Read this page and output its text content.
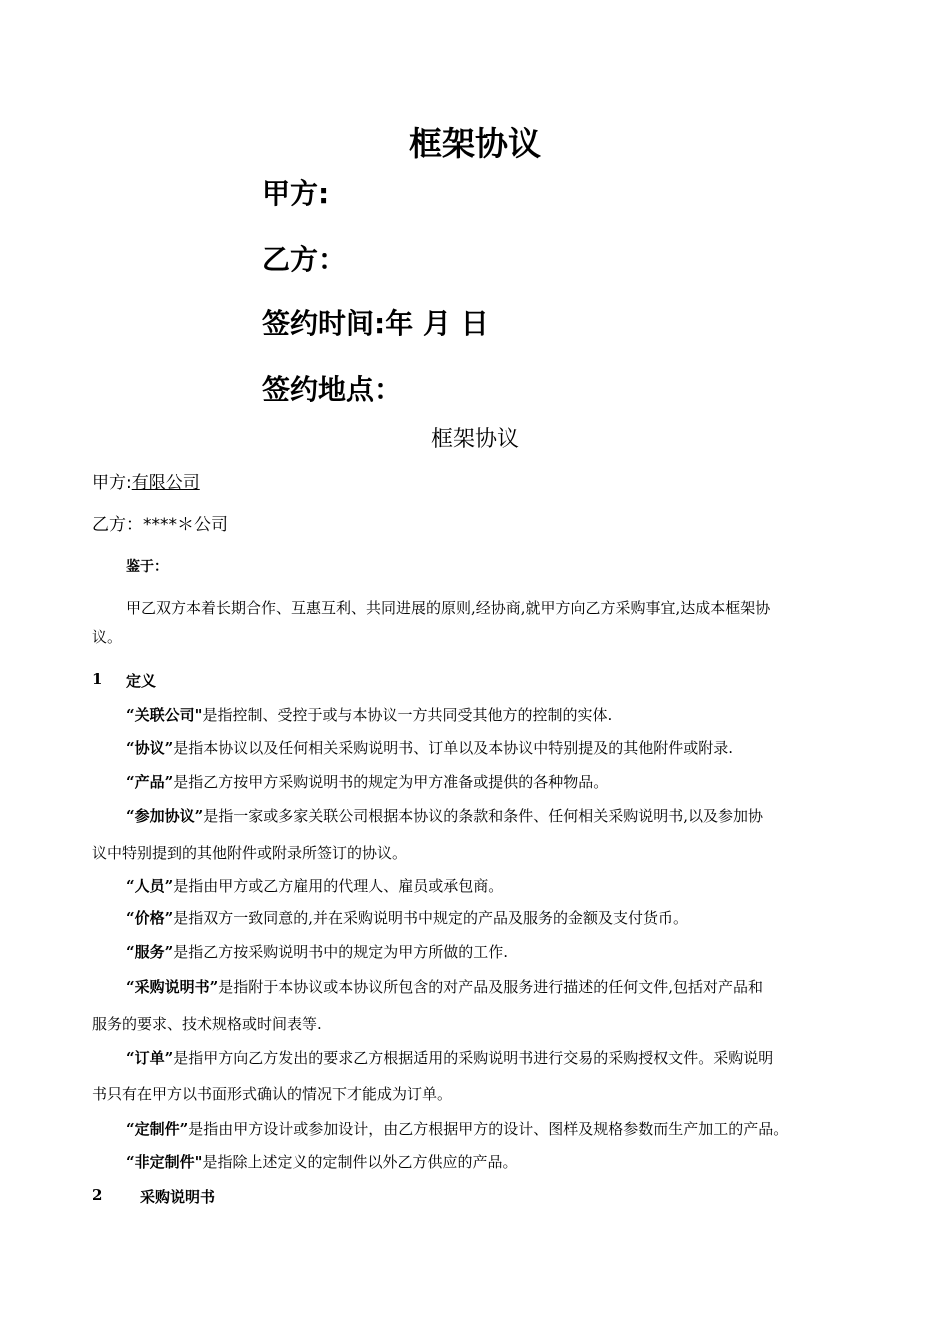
框架协议
甲方:
乙方：
签约时间:年 月 日
签约地点：
框架协议
甲方:有限公司
乙方：****＊公司
鉴于：
甲乙双方本着长期合作、互惠互利、共同进展的原则,经协商,就甲方向乙方采购事宜,达成本框架协
议。
1 定义
“关联公司"是指控制、受控于或与本协议一方共同受其他方的控制的实体.
“协议”是指本协议以及任何相关采购说明书、订单以及本协议中特别提及的其他附件或附录.
“产品”是指乙方按甲方采购说明书的规定为甲方准备或提供的各种物品。
“参加协议”是指一家或多家关联公司根据本协议的条款和条件、任何相关采购说明书,以及参加协
议中特别提到的其他附件或附录所签订的协议。
“人员”是指由甲方或乙方雇用的代理人、雇员或承包商。
“价格”是指双方一致同意的,并在采购说明书中规定的产品及服务的金额及支付货币。
“服务”是指乙方按采购说明书中的规定为甲方所做的工作.
“采购说明书”是指附于本协议或本协议所包含的对产品及服务进行描述的任何文件,包括对产品和
服务的要求、技术规格或时间表等.
“订单”是指甲方向乙方发出的要求乙方根据适用的采购说明书进行交易的采购授权文件。采购说明
书只有在甲方以书面形式确认的情况下才能成为订单。
“定制件”是指由甲方设计或参加设计，由乙方根据甲方的设计、图样及规格参数而生产加工的产品。
“非定制件"是指除上述定义的定制件以外乙方供应的产品。
2	采购说明书
